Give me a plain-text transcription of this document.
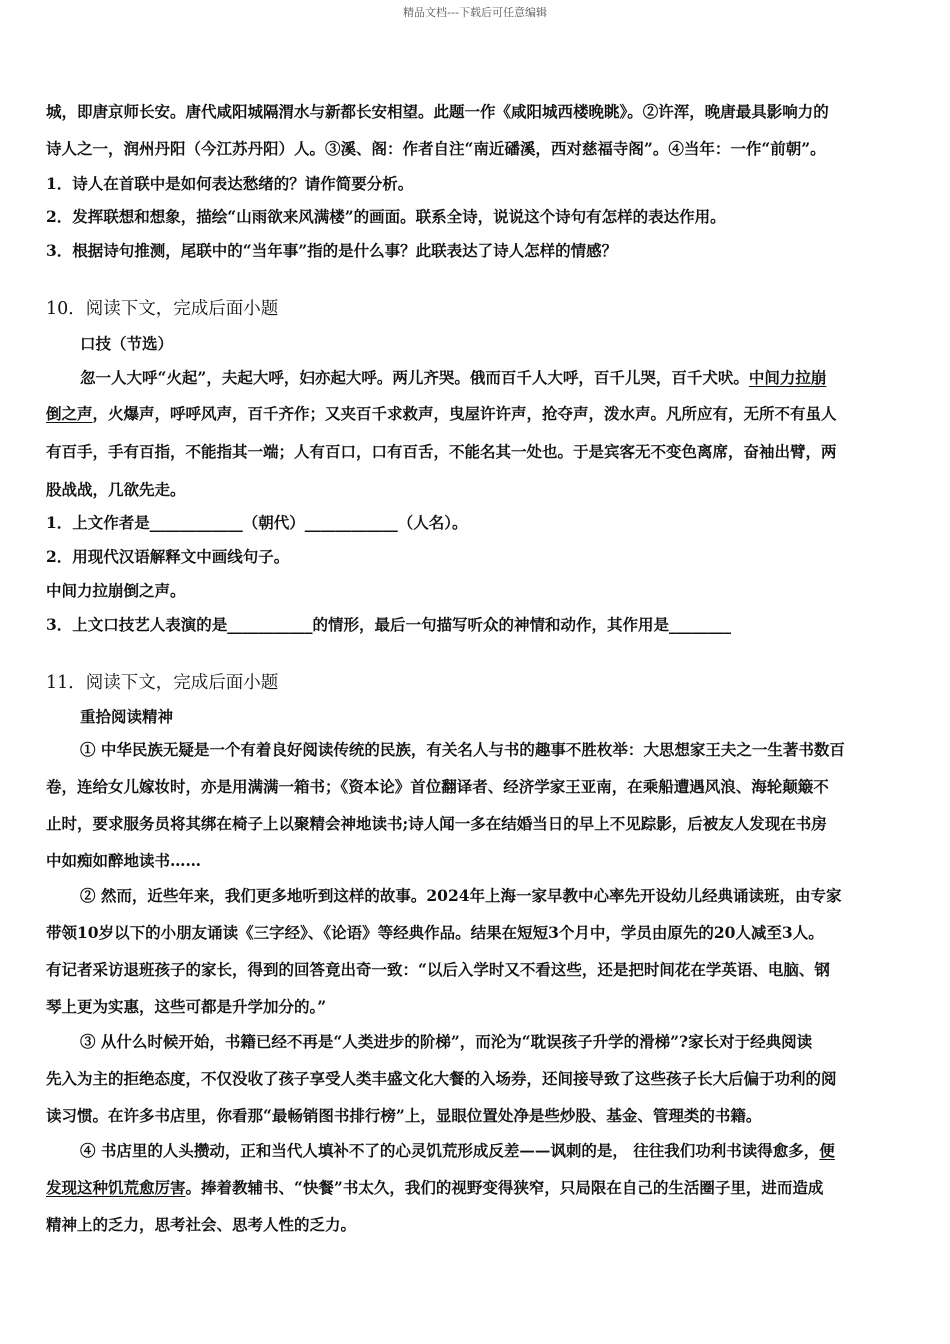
精品文档---下载后可任意编辑
城，即唐京师长安。唐代咸阳城隔渭水与新都长安相望。此题一作《咸阳城西楼晚眺》。②许浑，晚唐最具影响力的
诗人之一，润州丹阳（今江苏丹阳）人。③溪、阁：作者自注“南近磻溪，西对慈福寺阁”。④当年：一作“前朝”。
1．诗人在首联中是如何表达愁绪的？请作简要分析。
2．发挥联想和想象，描绘“山雨欲来风满楼”的画面。联系全诗，说说这个诗句有怎样的表达作用。
3．根据诗句推测，尾联中的“当年事”指的是什么事？此联表达了诗人怎样的情感？
10．阅读下文，完成后面小题
口技（节选）
忽一人大呼“火起”，夫起大呼，妇亦起大呼。两儿齐哭。俄而百千人大呼，百千儿哭，百千犬吠。中间力拉崩
倒之声，火爆声，呼呼风声，百千齐作；又夹百千求救声，曳屋许许声，抢夺声，泼水声。凡所应有，无所不有虽人
有百手，手有百指，不能指其一端；人有百口，口有百舌，不能名其一处也。于是宾客无不变色离席，奋袖出臂，两
股战战，几欲先走。
1．上文作者是____________（朝代）____________（人名）。
2．用现代汉语解释文中画线句子。
中间力拉崩倒之声。
3．上文口技艺人表演的是___________的情形，最后一句描写听众的神情和动作，其作用是________
11．阅读下文，完成后面小题
重拾阅读精神
① 中华民族无疑是一个有着良好阅读传统的民族，有关名人与书的趣事不胜枚举：大思想家王夫之一生著书数百
卷，连给女儿嫁妆时，亦是用满满一箱书；《资本论》首位翻译者、经济学家王亚南，在乘船遭遇风浪、海轮颠簸不
止时，要求服务员将其绑在椅子上以聚精会神地读书;诗人闻一多在结婚当日的早上不见踪影，后被友人发现在书房
中如痴如醉地读书……
② 然而，近些年来，我们更多地听到这样的故事。2024年上海一家早教中心率先开设幼儿经典诵读班，由专家
带领10岁以下的小朋友诵读《三字经》、《论语》等经典作品。结果在短短3个月中，学员由原先的20人减至3人。
有记者采访退班孩子的家长，得到的回答竟出奇一致：“以后入学时又不看这些，还是把时间花在学英语、电脑、钢
琴上更为实惠，这些可都是升学加分的。”
③ 从什么时候开始，书籍已经不再是“人类进步的阶梯”，而沦为“耽误孩子升学的滑梯”?家长对于经典阅读
先入为主的拒绝态度，不仅没收了孩子享受人类丰盛文化大餐的入场券，还间接导致了这些孩子长大后偏于功利的阅
读习惯。在许多书店里，你看那“最畅销图书排行榜”上，显眼位置处净是些炒股、基金、管理类的书籍。
④ 书店里的人头攒动，正和当代人填补不了的心灵饥荒形成反差——讽刺的是， 往往我们功利书读得愈多，便
发现这种饥荒愈厉害。捧着教辅书、“快餐”书太久，我们的视野变得狭窄，只局限在自己的生活圈子里，进而造成
精神上的乏力，思考社会、思考人性的乏力。
